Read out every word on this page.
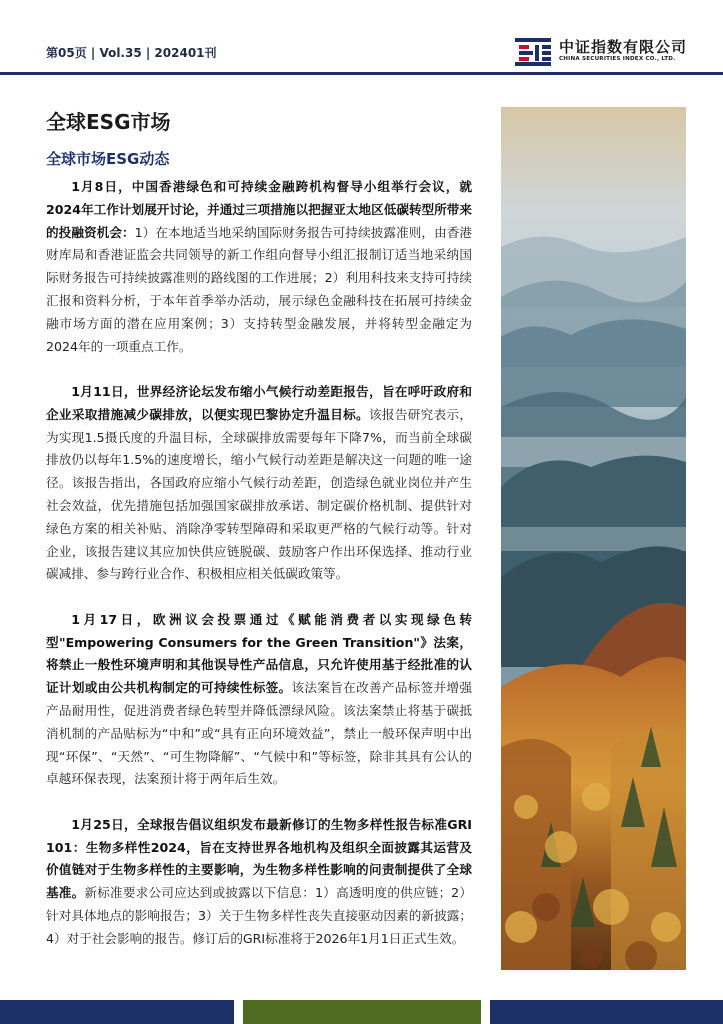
第05页 | Vol.35 | 202401刊	中证指数有限公司
CHINA SECURITIES INDEX CO., LTD.
全球ESG市场
全球市场ESG动态

1月8日，中国香港绿色和可持续金融跨机构督导小组举行会议，就2024年工作计划展开讨论，并通过三项措施以把握亚太地区低碳转型所带来的投融资机会：1）在本地适当地采纳国际财务报告可持续披露准则，由香港财库局和香港证监会共同领导的新工作组向督导小组汇报制订适当地采纳国际财务报告可持续披露准则的路线图的工作进展；2）利用科技来支持可持续汇报和资料分析，于本年首季举办活动，展示绿色金融科技在拓展可持续金融市场方面的潜在应用案例；3）支持转型金融发展，并将转型金融定为2024年的一项重点工作。

1月11日，世界经济论坛发布缩小气候行动差距报告，旨在呼吁政府和企业采取措施减少碳排放，以便实现巴黎协定升温目标。该报告研究表示，为实现1.5摄氏度的升温目标，全球碳排放需要每年下降7%，而当前全球碳排放仍以每年1.5%的速度增长，缩小气候行动差距是解决这一问题的唯一途径。该报告指出，各国政府应缩小气候行动差距，创造绿色就业岗位并产生社会效益，优先措施包括加强国家碳排放承诺、制定碳价格机制、提供针对绿色方案的相关补贴、消除净零转型障碍和采取更严格的气候行动等。针对企业，该报告建议其应加快供应链脱碳、鼓励客户作出环保选择、推动行业碳减排、参与跨行业合作、积极相应相关低碳政策等。

1月17日，欧洲议会投票通过《赋能消费者以实现绿色转型"Empowering Consumers for the Green Transition"》法案，将禁止一般性环境声明和其他误导性产品信息，只允许使用基于经批准的认证计划或由公共机构制定的可持续性标签。该法案旨在改善产品标签并增强产品耐用性，促进消费者绿色转型并降低漂绿风险。该法案禁止将基于碳抵消机制的产品贴标为“中和”或“具有正向环境效益”，禁止一般环保声明中出现“环保”、“天然”、“可生物降解”、“气候中和”等标签，除非其具有公认的卓越环保表现，法案预计将于两年后生效。

1月25日，全球报告倡议组织发布最新修订的生物多样性报告标准GRI 101：生物多样性2024，旨在支持世界各地机构及组织全面披露其运营及价值链对于生物多样性的主要影响，为生物多样性影响的问责制提供了全球基准。新标准要求公司应达到或披露以下信息：1）高透明度的供应链；2）针对具体地点的影响报告；3）关于生物多样性丧失直接驱动因素的新披露；4）对于社会影响的报告。修订后的GRI标准将于2026年1月1日正式生效。
